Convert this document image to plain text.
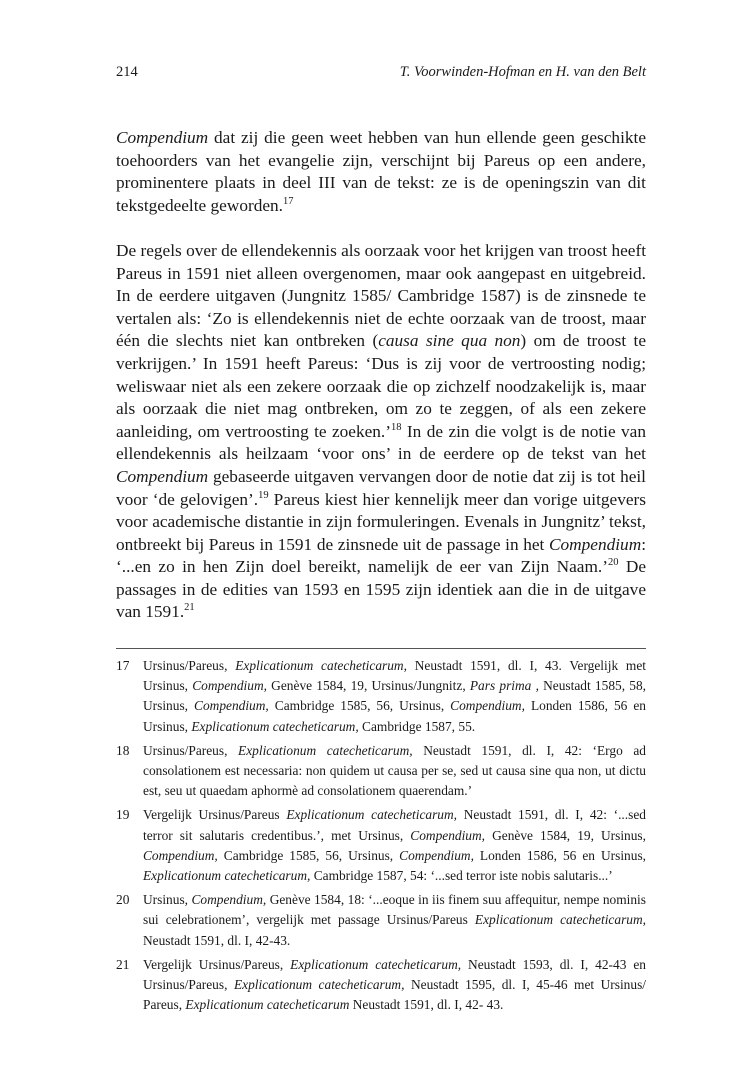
214	T. Voorwinden-Hofman en H. van den Belt

Compendium dat zij die geen weet hebben van hun ellende geen geschikte toehoorders van het evangelie zijn, verschijnt bij Pareus op een andere, prominentere plaats in deel III van de tekst: ze is de openingszin van dit tekstgedeelte geworden.$^{17}$

De regels over de ellendekennis als oorzaak voor het krijgen van troost heeft Pareus in 1591 niet alleen overgenomen, maar ook aangepast en uitgebreid. In de eerdere uitgaven (Jungnitz 1585/ Cambridge 1587) is de zinsnede te vertalen als: ‘Zo is ellendekennis niet de echte oorzaak van de troost, maar één die slechts niet kan ontbreken (causa sine qua non) om de troost te verkrijgen.’ In 1591 heeft Pareus: ‘Dus is zij voor de vertroosting nodig; weliswaar niet als een zekere oorzaak die op zichzelf noodzakelijk is, maar als oorzaak die niet mag ontbreken, om zo te zeggen, of als een zekere aanleiding, om vertroosting te zoeken.’$^{18}$ In de zin die volgt is de notie van ellendekennis als heilzaam ‘voor ons’ in de eerdere op de tekst van het Compendium gebaseerde uitgaven vervangen door de notie dat zij is tot heil voor ‘de gelovigen’.$^{19}$ Pareus kiest hier kennelijk meer dan vorige uitgevers voor academische distantie in zijn formuleringen. Evenals in Jungnitz’ tekst, ontbreekt bij Pareus in 1591 de zinsnede uit de passage in het Compendium: ‘...en zo in hen Zijn doel bereikt, namelijk de eer van Zijn Naam.’$^{20}$ De passages in de edities van 1593 en 1595 zijn identiek aan die in de uitgave van 1591.21

17	Ursinus/Pareus, Explicationum catecheticarum, Neustadt 1591, dl. I, 43. Vergelijk met Ursinus, Compendium, Genève 1584, 19, Ursinus/Jungnitz, Pars prima , Neustadt 1585, 58, Ursinus, Compendium, Cambridge 1585, 56, Ursinus, Compendium, Londen 1586, 56 en Ursinus, Explicationum catecheticarum, Cambridge 1587, 55.
18	Ursinus/Pareus, Explicationum catecheticarum, Neustadt 1591, dl. I, 42: ‘Ergo ad consolationem est necessaria: non quidem ut causa per se, sed ut causa sine qua non, ut dictu est, seu ut quaedam aphormè ad consolationem quaerendam.’
19	Vergelijk Ursinus/Pareus Explicationum catecheticarum, Neustadt 1591, dl. I, 42: ‘...sed terror sit salutaris credentibus.’, met Ursinus, Compendium, Genève 1584, 19, Ursinus, Compendium, Cambridge 1585, 56, Ursinus, Compendium, Londen 1586, 56 en Ursinus, Explicationum catecheticarum, Cambridge 1587, 54: ‘...sed terror iste nobis salutaris...’
20	Ursinus, Compendium, Genève 1584, 18: ‘...eoque in iis finem suu affequitur, nempe nominis sui celebrationem’, vergelijk met passage Ursinus/Pareus Explicationum catecheticarum, Neustadt 1591, dl. I, 42-43.
21	Vergelijk Ursinus/Pareus, Explicationum catecheticarum, Neustadt 1593, dl. I, 42-43 en Ursinus/Pareus, Explicationum catecheticarum, Neustadt 1595, dl. I, 45-46 met Ursinus/ Pareus, Explicationum catecheticarum Neustadt 1591, dl. I, 42- 43.
